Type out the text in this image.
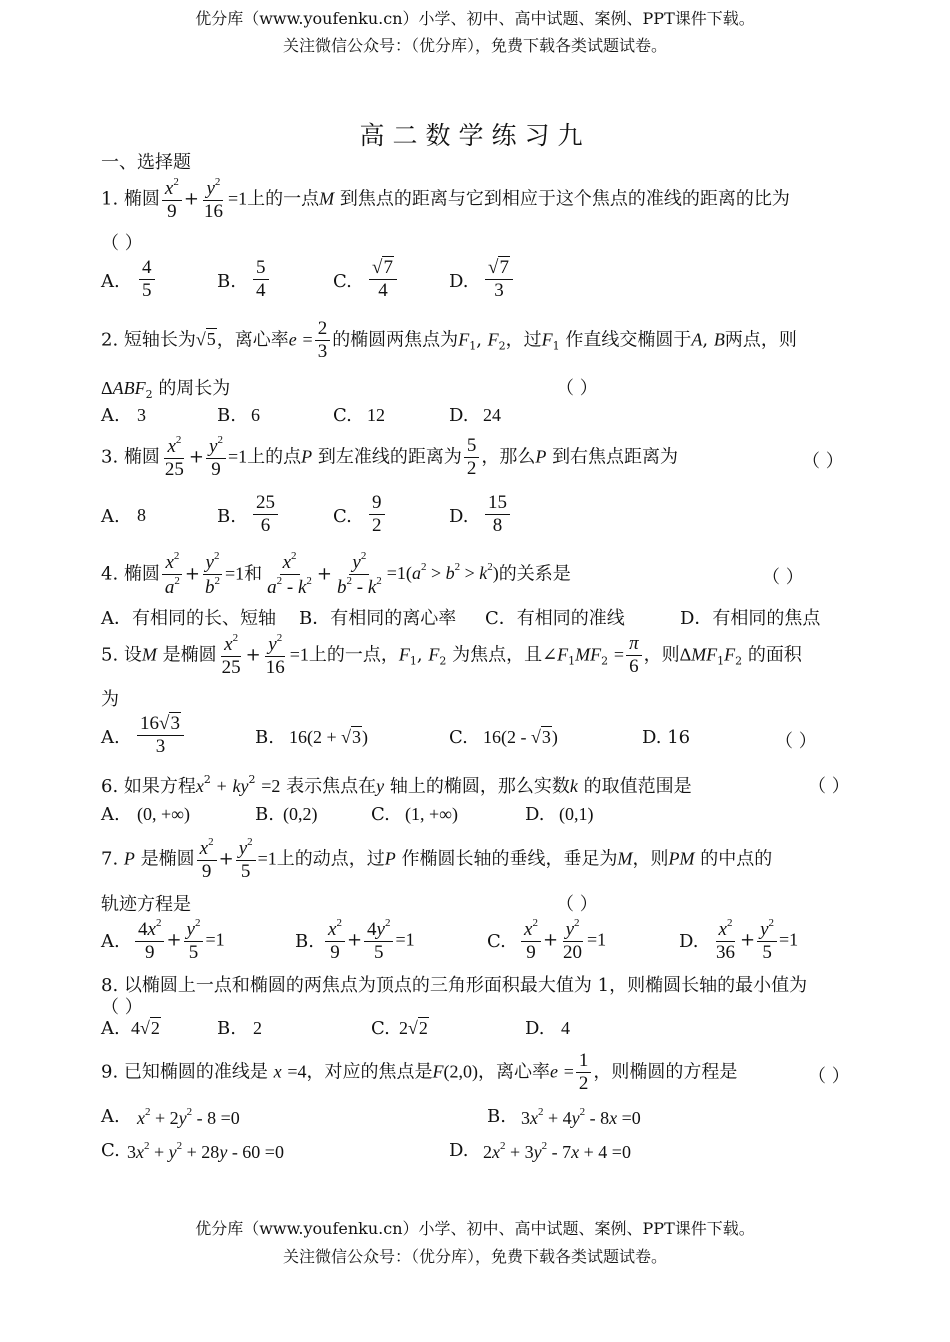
优分库（www.youfenku.cn）小学、初中、高中试题、案例、PPT课件下载。
关注微信公众号：（优分库），免费下载各类试题试卷。
高二数学练习九
一、选择题
1. 椭圆 $\frac{x^2}{9} + \frac{y^2}{16} =1$上的一点M 到焦点的距离与它到相应于这个焦点的准线的距离的比为
（ ）
A. $\frac{4}{5}$	B. $\frac{5}{4}$	C. $\frac{√7}{4}$	D. $\frac{√7}{3}$
2. 短轴长为√5，离心率$e = \frac{2}{3}$ 的椭圆两焦点为$F_1$, $F_2$，过$F_1$ 作直线交椭圆于A, B两点，则
$\Delta ABF_2$ 的周长为	（ ）
A. 3	B. 6	C. 12	D. 24
3. 椭圆 $\frac{x^2}{25} + \frac{y^2}{9} =1$上的点P 到左准线的距离为 $\frac{5}{2}$ ，那么P 到右焦点距离为	（ ）
A. 8	B. $\frac{25}{6}$	C. $\frac{9}{2}$	D. $\frac{15}{8}$
4. 椭圆 $\frac{x^2}{a^2} + \frac{y^2}{b^2} =1$和 $\frac{x^2}{a^2 - k^2} + \frac{y^2}{b^2 - k^2} =1(a^2 > b^2 > k^2)$的关系是	（ ）
A．有相同的长、短轴 B．有相同的离心率 C．有相同的准线	D．有相同的焦点
5. 设M 是椭圆 $\frac{x^2}{25} + \frac{y^2}{16} =1$上的一点，$F_1$, $F_2$ 为焦点，且$\angle F_1MF_2 = \frac{\pi}{6}$ ，则$\Delta MF_1F_2$ 的面积
为
A. $\frac{16√3}{3}$	B. 16(2 + √3)	C. 16(2 - √3)	D. 16	（ ）
6. 如果方程$x^2 + ky^2 =2$ 表示焦点在y 轴上的椭圆，那么实数k 的取值范围是	（ ）
A. (0, +∞)	B. (0,2)	C. (1, +∞)	D. (0,1)
7. P 是椭圆 $\frac{x^2}{9} + \frac{y^2}{5} =1$上的动点，过P 作椭圆长轴的垂线，垂足为M，则PM 的中点的
轨迹方程是	（ ）
A. $\frac{4x^2}{9} + \frac{y^2}{5} =1$	B. $\frac{x^2}{9} + \frac{4y^2}{5} =1$	C. $\frac{x^2}{9} + \frac{y^2}{20} =1$	D. $\frac{x^2}{36} + \frac{y^2}{5} =1$
8. 以椭圆上一点和椭圆的两焦点为顶点的三角形面积最大值为 1，则椭圆长轴的最小值为
（ ）
A. 4√2	B. 2	C. 2√2	D. 4
9. 已知椭圆的准线是 x =4，对应的焦点是F(2,0)，离心率$e = \frac{1}{2}$ ，则椭圆的方程是	（ ）
A. $x^2 + 2y^2 - 8 =0$	B. $3x^2 + 4y^2 - 8x =0$
C. $3x^2 + y^2 + 28y - 60 =0$	D. $2x^2 + 3y^2 - 7x + 4 =0$
优分库（www.youfenku.cn）小学、初中、高中试题、案例、PPT课件下载。
关注微信公众号：（优分库），免费下载各类试题试卷。
